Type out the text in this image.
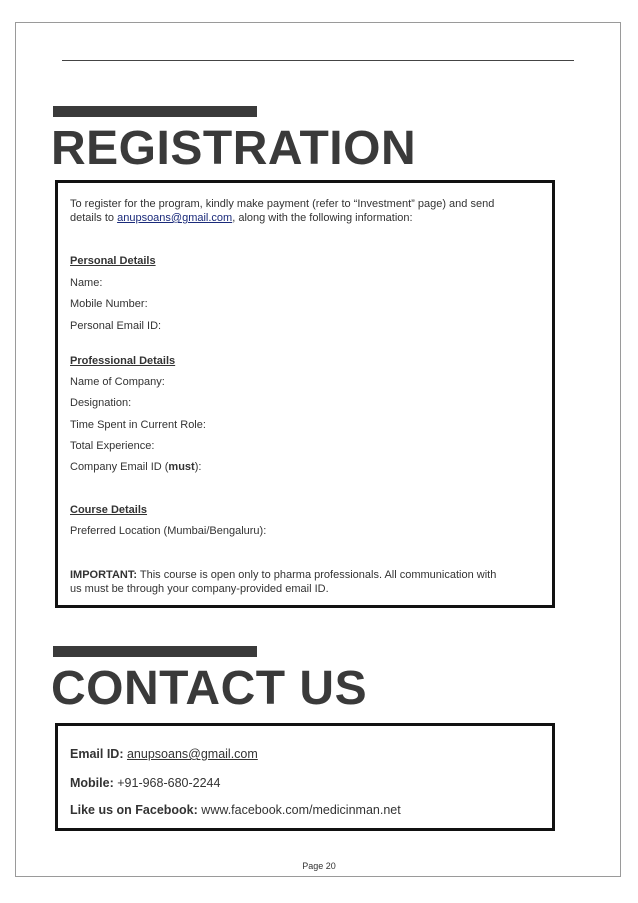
REGISTRATION

To register for the program, kindly make payment (refer to “Investment” page) and send

details to anupsoans@gmail.com, along with the following information:

Personal Details

Name:

Mobile Number:

Personal Email ID:

Professional Details

Name of Company:

Designation:

Time Spent in Current Role:

Total Experience:

Company Email ID (must):

Course Details

Preferred Location (Mumbai/Bengaluru):

IMPORTANT: This course is open only to pharma professionals. All communication with

us must be through your company-provided email ID.

CONTACT US

Email ID: anupsoans@gmail.com

Mobile: +91-968-680-2244

Like us on Facebook: www.facebook.com/medicinman.net

Page 20
